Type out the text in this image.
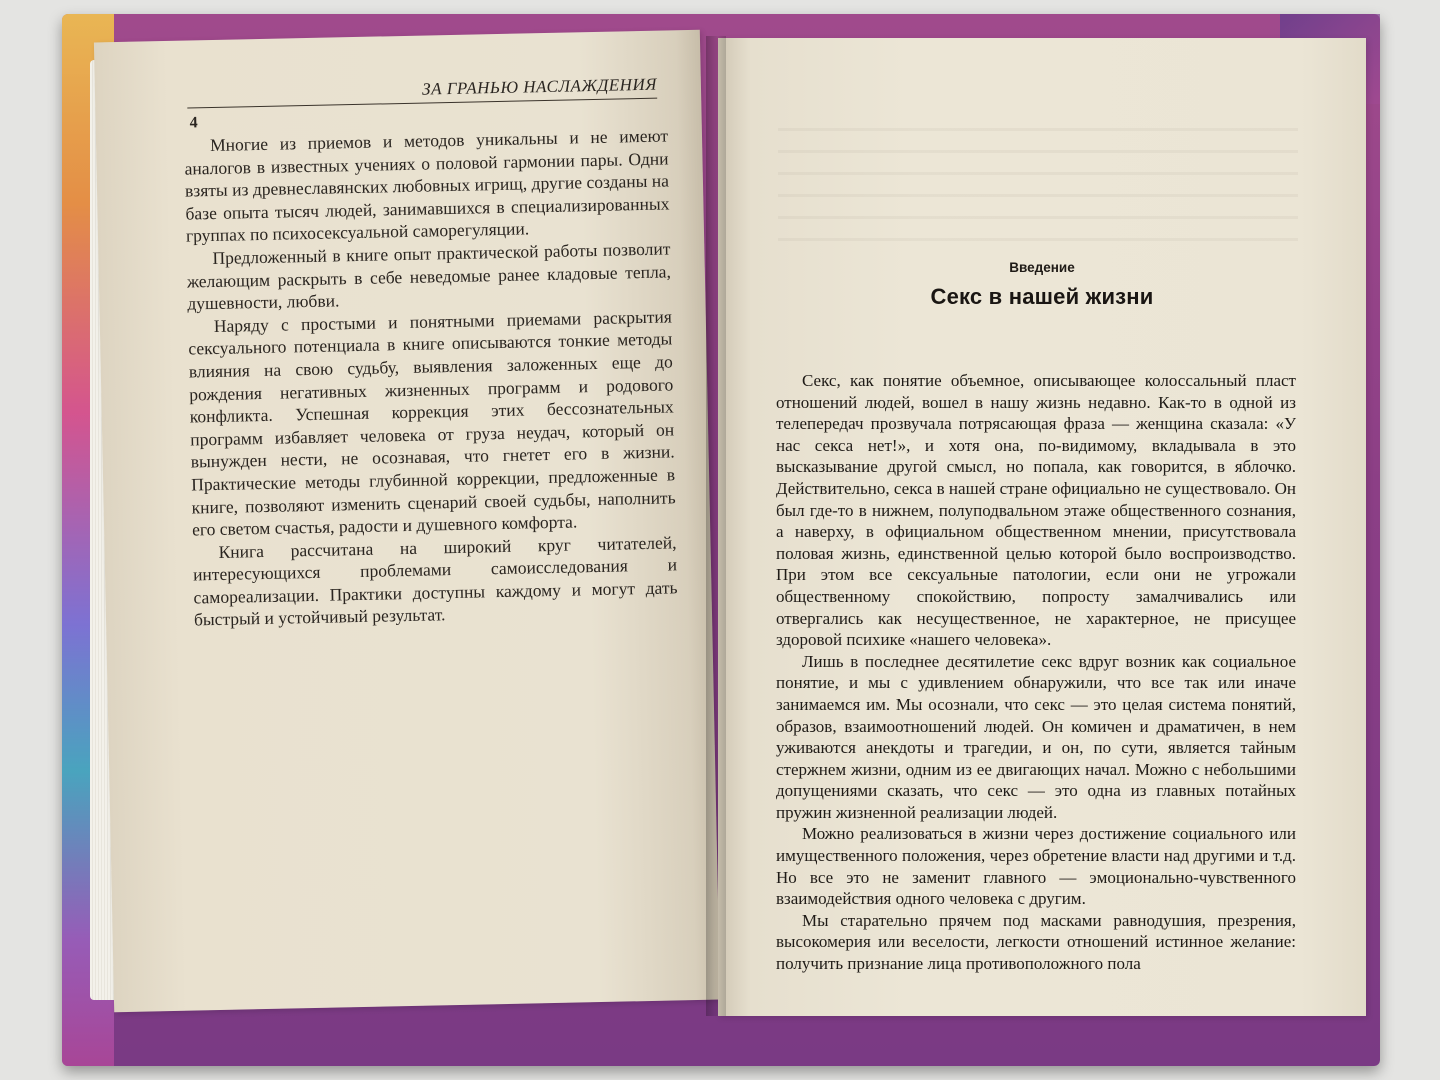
ЗА ГРАНЬЮ НАСЛАЖДЕНИЯ
4

Многие из приемов и методов уникальны и не имеют аналогов в известных учениях о половой гармонии пары. Одни взяты из древнеславянских любовных игрищ, другие созданы на базе опыта тысяч людей, занимавшихся в специализированных группах по психосексуальной саморегуляции.

Предложенный в книге опыт практической работы позволит желающим раскрыть в себе неведомые ранее кладовые тепла, душевности, любви.

Наряду с простыми и понятными приемами раскрытия сексуального потенциала в книге описываются тонкие методы влияния на свою судьбу, выявления заложенных еще до рождения негативных жизненных программ и родового конфликта. Успешная коррекция этих бессознательных программ избавляет человека от груза неудач, который он вынужден нести, не осознавая, что гнетет его в жизни. Практические методы глубинной коррекции, предложенные в книге, позволяют изменить сценарий своей судьбы, наполнить его светом счастья, радости и душевного комфорта.

Книга рассчитана на широкий круг читателей, интересующихся проблемами самоисследования и самореализации. Практики доступны каждому и могут дать быстрый и устойчивый результат.

Введение
Секс в нашей жизни

Секс, как понятие объемное, описывающее колоссальный пласт отношений людей, вошел в нашу жизнь недавно. Как-то в одной из телепередач прозвучала потрясающая фраза — женщина сказала: «У нас секса нет!», и хотя она, по-видимому, вкладывала в это высказывание другой смысл, но попала, как говорится, в яблочко. Действительно, секса в нашей стране официально не существовало. Он был где-то в нижнем, полуподвальном этаже общественного сознания, а наверху, в официальном общественном мнении, присутствовала половая жизнь, единственной целью которой было воспроизводство. При этом все сексуальные патологии, если они не угрожали общественному спокойствию, попросту замалчивались или отвергались как несущественное, не характерное, не присущее здоровой психике «нашего человека».

Лишь в последнее десятилетие секс вдруг возник как социальное понятие, и мы с удивлением обнаружили, что все так или иначе занимаемся им. Мы осознали, что секс — это целая система понятий, образов, взаимоотношений людей. Он комичен и драматичен, в нем уживаются анекдоты и трагедии, и он, по сути, является тайным стержнем жизни, одним из ее двигающих начал. Можно с небольшими допущениями сказать, что секс — это одна из главных потайных пружин жизненной реализации людей.

Можно реализоваться в жизни через достижение социального или имущественного положения, через обретение власти над другими и т.д. Но все это не заменит главного — эмоционально-чувственного взаимодействия одного человека с другим.

Мы старательно прячем под масками равнодушия, презрения, высокомерия или веселости, легкости отношений истинное желание: получить признание лица противоположного пола
